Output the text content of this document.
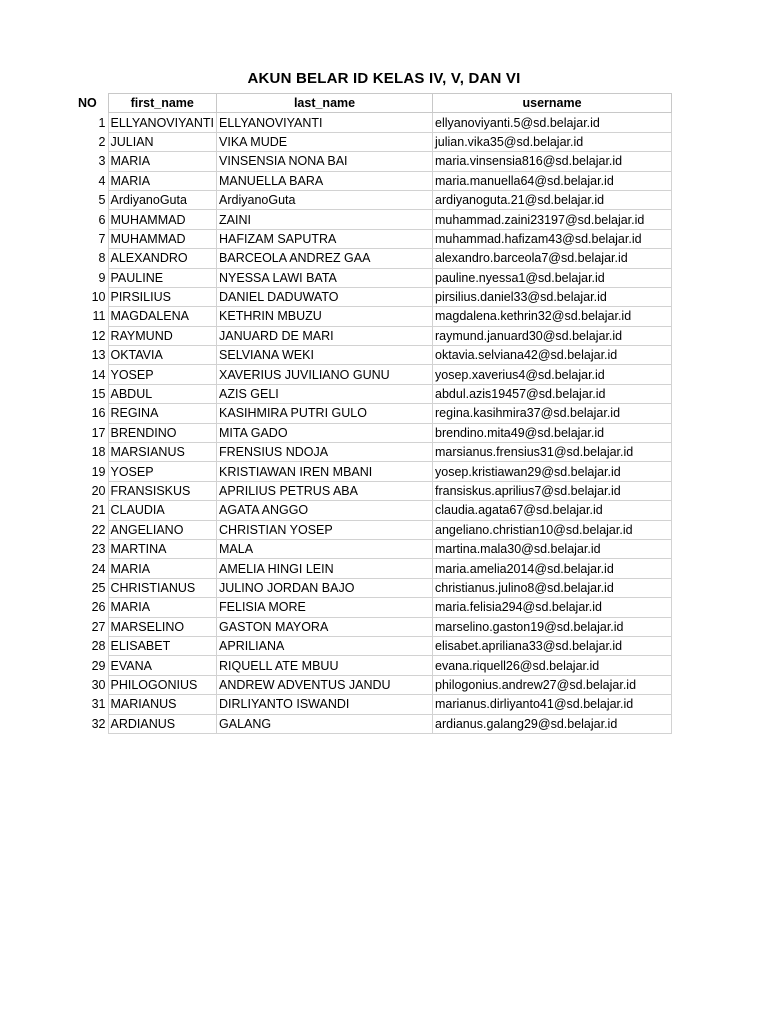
AKUN BELAR ID KELAS IV, V, DAN VI
NO	first_name	last_name	username
1	ELLYANOVIYANTI	ELLYANOVIYANTI	ellyanoviyanti.5@sd.belajar.id
2	JULIAN	VIKA MUDE	julian.vika35@sd.belajar.id
3	MARIA	VINSENSIA NONA BAI	maria.vinsensia816@sd.belajar.id
4	MARIA	MANUELLA BARA	maria.manuella64@sd.belajar.id
5	ArdiyanoGuta	ArdiyanoGuta	ardiyanoguta.21@sd.belajar.id
6	MUHAMMAD	ZAINI	muhammad.zaini23197@sd.belajar.id
7	MUHAMMAD	HAFIZAM SAPUTRA	muhammad.hafizam43@sd.belajar.id
8	ALEXANDRO	BARCEOLA ANDREZ GAA	alexandro.barceola7@sd.belajar.id
9	PAULINE	NYESSA LAWI BATA	pauline.nyessa1@sd.belajar.id
10	PIRSILIUS	DANIEL DADUWATO	pirsilius.daniel33@sd.belajar.id
11	MAGDALENA	KETHRIN MBUZU	magdalena.kethrin32@sd.belajar.id
12	RAYMUND	JANUARD DE MARI	raymund.januard30@sd.belajar.id
13	OKTAVIA	SELVIANA WEKI	oktavia.selviana42@sd.belajar.id
14	YOSEP	XAVERIUS JUVILIANO GUNU	yosep.xaverius4@sd.belajar.id
15	ABDUL	AZIS GELI	abdul.azis19457@sd.belajar.id
16	REGINA	KASIHMIRA PUTRI GULO	regina.kasihmira37@sd.belajar.id
17	BRENDINO	MITA GADO	brendino.mita49@sd.belajar.id
18	MARSIANUS	FRENSIUS NDOJA	marsianus.frensius31@sd.belajar.id
19	YOSEP	KRISTIAWAN IREN MBANI	yosep.kristiawan29@sd.belajar.id
20	FRANSISKUS	APRILIUS PETRUS ABA	fransiskus.aprilius7@sd.belajar.id
21	CLAUDIA	AGATA ANGGO	claudia.agata67@sd.belajar.id
22	ANGELIANO	CHRISTIAN YOSEP	angeliano.christian10@sd.belajar.id
23	MARTINA	MALA	martina.mala30@sd.belajar.id
24	MARIA	AMELIA HINGI LEIN	maria.amelia2014@sd.belajar.id
25	CHRISTIANUS	JULINO JORDAN BAJO	christianus.julino8@sd.belajar.id
26	MARIA	FELISIA MORE	maria.felisia294@sd.belajar.id
27	MARSELINO	GASTON MAYORA	marselino.gaston19@sd.belajar.id
28	ELISABET	APRILIANA	elisabet.apriliana33@sd.belajar.id
29	EVANA	RIQUELL ATE MBUU	evana.riquell26@sd.belajar.id
30	PHILOGONIUS	ANDREW ADVENTUS JANDU	philogonius.andrew27@sd.belajar.id
31	MARIANUS	DIRLIYANTO ISWANDI	marianus.dirliyanto41@sd.belajar.id
32	ARDIANUS	GALANG	ardianus.galang29@sd.belajar.id
